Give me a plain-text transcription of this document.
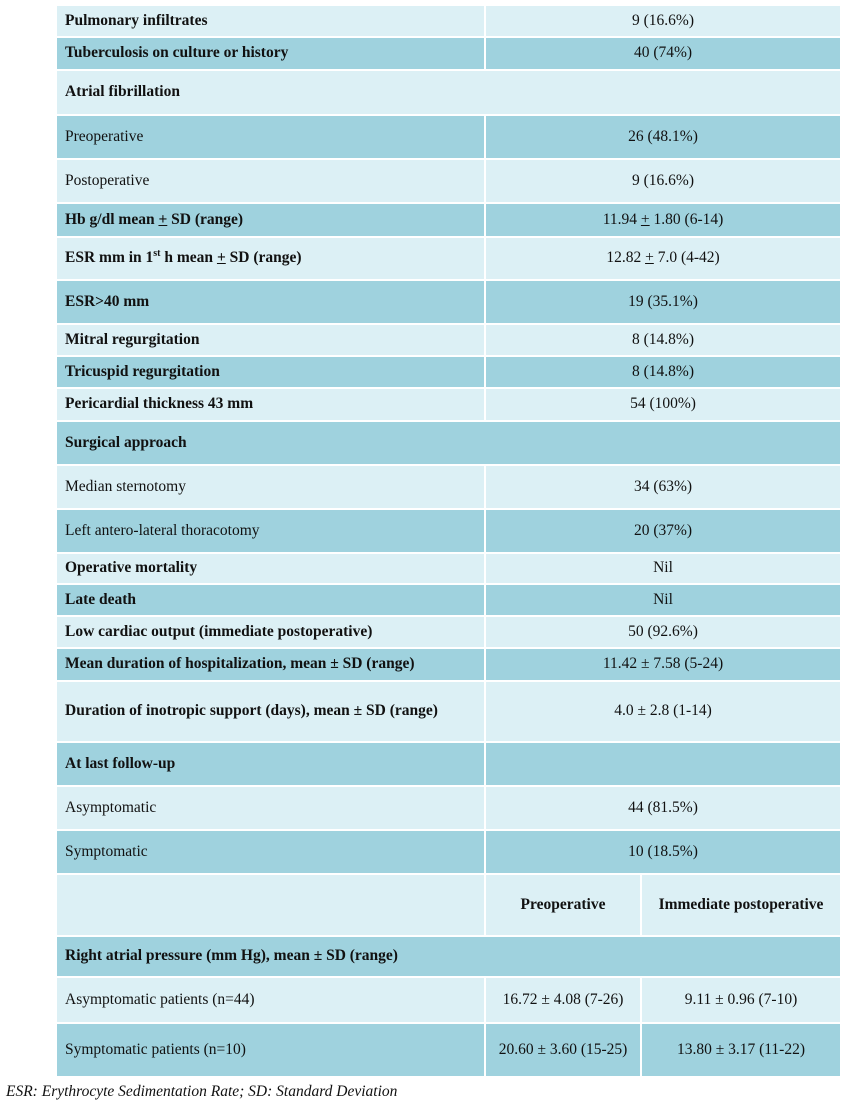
Pulmonary infiltrates	9 (16.6%)	
Tuberculosis on culture or history	40 (74%)	
Atrial fibrillation		
Preoperative	26 (48.1%)	
Postoperative	9 (16.6%)	
Hb g/dl mean + SD (range)	11.94 + 1.80 (6-14)	
ESR mm in 1st h mean + SD (range)	12.82 + 7.0 (4-42)	
ESR>40 mm	19 (35.1%)	
Mitral regurgitation	8 (14.8%)	
Tricuspid regurgitation	8 (14.8%)	
Pericardial thickness 43 mm	54 (100%)	
Surgical approach		
Median sternotomy	34 (63%)	
Left antero-lateral thoracotomy	20 (37%)	
Operative mortality	Nil	
Late death	Nil	
Low cardiac output (immediate postoperative)	50 (92.6%)	
Mean duration of hospitalization, mean ± SD (range)	11.42 ± 7.58 (5-24)	
Duration of inotropic support (days), mean ± SD (range)	4.0 ± 2.8 (1-14)	
At last follow-up		
Asymptomatic	44 (81.5%)	
Symptomatic	10 (18.5%)	
	Preoperative	Immediate postoperative
Right atrial pressure (mm Hg), mean ± SD (range)		
Asymptomatic patients (n=44)	16.72 ± 4.08 (7-26)	9.11 ± 0.96 (7-10)
Symptomatic patients (n=10)	20.60 ± 3.60 (15-25)	13.80 ± 3.17 (11-22)
ESR: Erythrocyte Sedimentation Rate; SD: Standard Deviation
